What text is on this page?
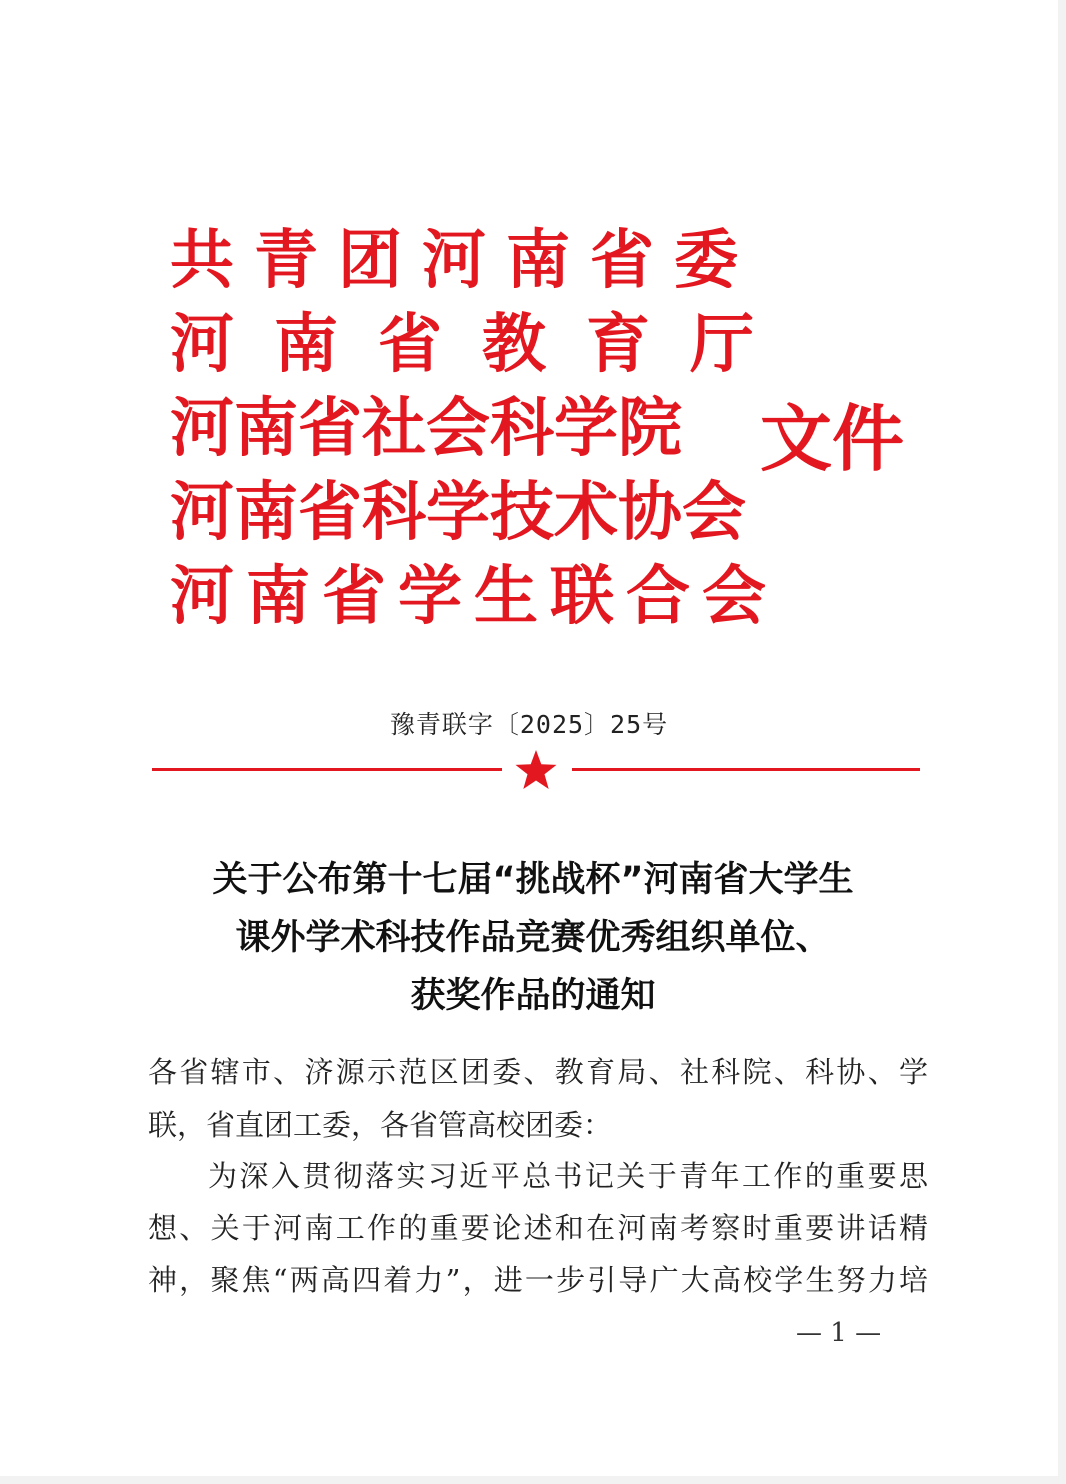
共青团河南省委
河南省教育厅
河南省社会科学院
河南省科学技术协会
河南省学生联合会
文件
豫青联字〔2025〕25号
关于公布第十七届“挑战杯”河南省大学生
课外学术科技作品竞赛优秀组织单位、
获奖作品的通知
各省辖市、济源示范区团委、教育局、社科院、科协、学
联，省直团工委，各省管高校团委：
为深入贯彻落实习近平总书记关于青年工作的重要思
想、关于河南工作的重要论述和在河南考察时重要讲话精
神，聚焦“两高四着力”，进一步引导广大高校学生努力培
— 1 —
